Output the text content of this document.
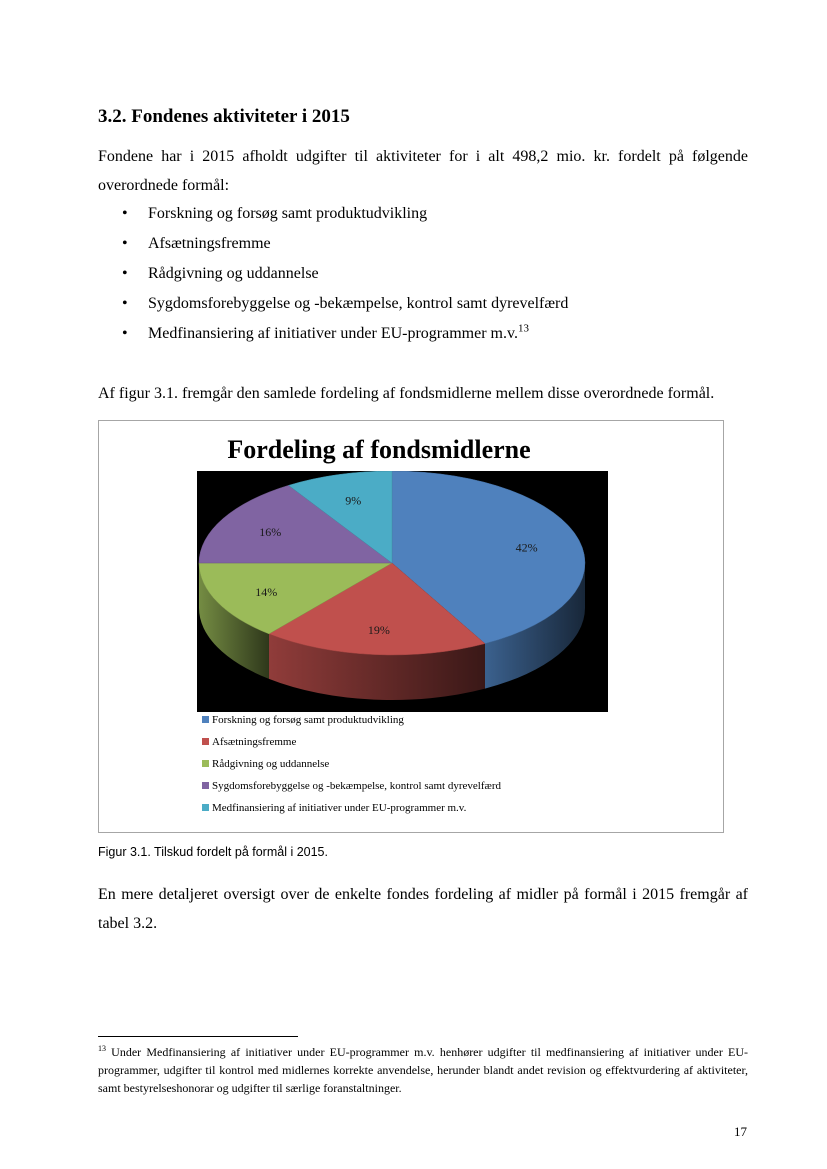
3.2. Fondenes aktiviteter i 2015
Fondene har i 2015 afholdt udgifter til aktiviteter for i alt 498,2 mio. kr. fordelt på følgende overordnede formål:
• Forskning og forsøg samt produktudvikling
• Afsætningsfremme
• Rådgivning og uddannelse
• Sygdomsforebyggelse og -bekæmpelse, kontrol samt dyrevelfærd
• Medfinansiering af initiativer under EU-programmer m.v.$^{13}$
Af figur 3.1. fremgår den samlede fordeling af fondsmidlerne mellem disse overordnede formål.
Fordeling af fondsmidlerne
42%
19%
14%
16%
9%
Forskning og forsøg samt produktudvikling
Afsætningsfremme
Rådgivning og uddannelse
Sygdomsforebyggelse og -bekæmpelse, kontrol samt dyrevelfærd
Medfinansiering af initiativer under EU-programmer m.v.
Figur 3.1. Tilskud fordelt på formål i 2015.
En mere detaljeret oversigt over de enkelte fondes fordeling af midler på formål i 2015 fremgår af tabel 3.2.
$^{13}$ Under Medfinansiering af initiativer under EU-programmer m.v. henhører udgifter til medfinansiering af initiativer under EU-programmer, udgifter til kontrol med midlernes korrekte anvendelse, herunder blandt andet revision og effektvurdering af aktiviteter, samt bestyrelseshonorar og udgifter til særlige foranstaltninger.
17
